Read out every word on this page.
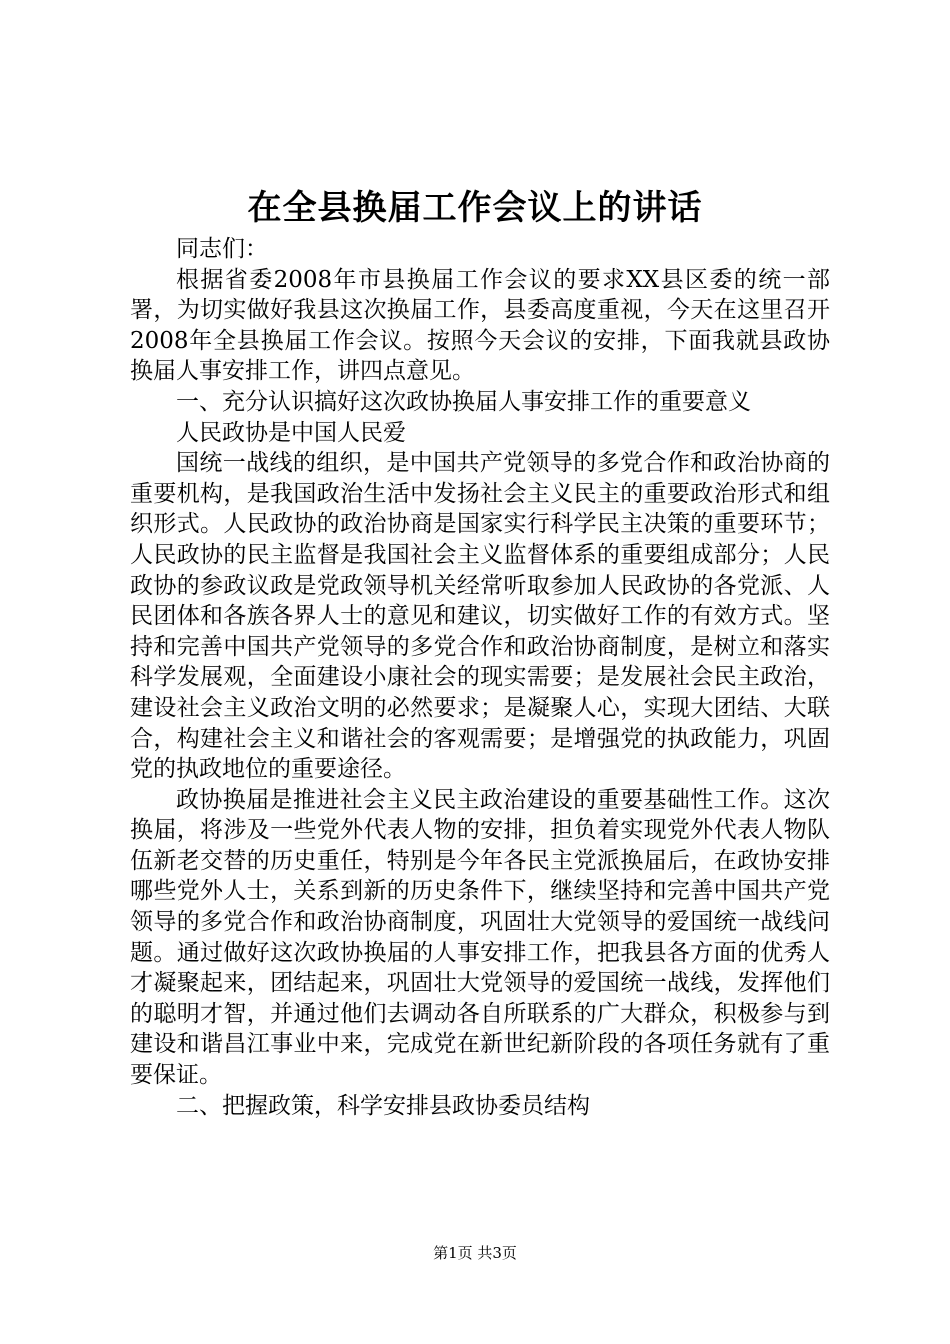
在全县换届工作会议上的讲话

同志们：

根据省委2008年市县换届工作会议的要求XX县区委的统一部署，为切实做好我县这次换届工作，县委高度重视，今天在这里召开2008年全县换届工作会议。按照今天会议的安排，下面我就县政协换届人事安排工作，讲四点意见。

一、充分认识搞好这次政协换届人事安排工作的重要意义

人民政协是中国人民爱

国统一战线的组织，是中国共产党领导的多党合作和政治协商的重要机构，是我国政治生活中发扬社会主义民主的重要政治形式和组织形式。人民政协的政治协商是国家实行科学民主决策的重要环节；人民政协的民主监督是我国社会主义监督体系的重要组成部分；人民政协的参政议政是党政领导机关经常听取参加人民政协的各党派、人民团体和各族各界人士的意见和建议，切实做好工作的有效方式。坚持和完善中国共产党领导的多党合作和政治协商制度，是树立和落实科学发展观，全面建设小康社会的现实需要；是发展社会民主政治，建设社会主义政治文明的必然要求；是凝聚人心，实现大团结、大联合，构建社会主义和谐社会的客观需要；是增强党的执政能力，巩固党的执政地位的重要途径。

政协换届是推进社会主义民主政治建设的重要基础性工作。这次换届，将涉及一些党外代表人物的安排，担负着实现党外代表人物队伍新老交替的历史重任，特别是今年各民主党派换届后，在政协安排哪些党外人士，关系到新的历史条件下，继续坚持和完善中国共产党领导的多党合作和政治协商制度，巩固壮大党领导的爱国统一战线问题。通过做好这次政协换届的人事安排工作，把我县各方面的优秀人才凝聚起来，团结起来，巩固壮大党领导的爱国统一战线，发挥他们的聪明才智，并通过他们去调动各自所联系的广大群众，积极参与到建设和谐昌江事业中来，完成党在新世纪新阶段的各项任务就有了重要保证。

二、把握政策，科学安排县政协委员结构

第1页 共3页
